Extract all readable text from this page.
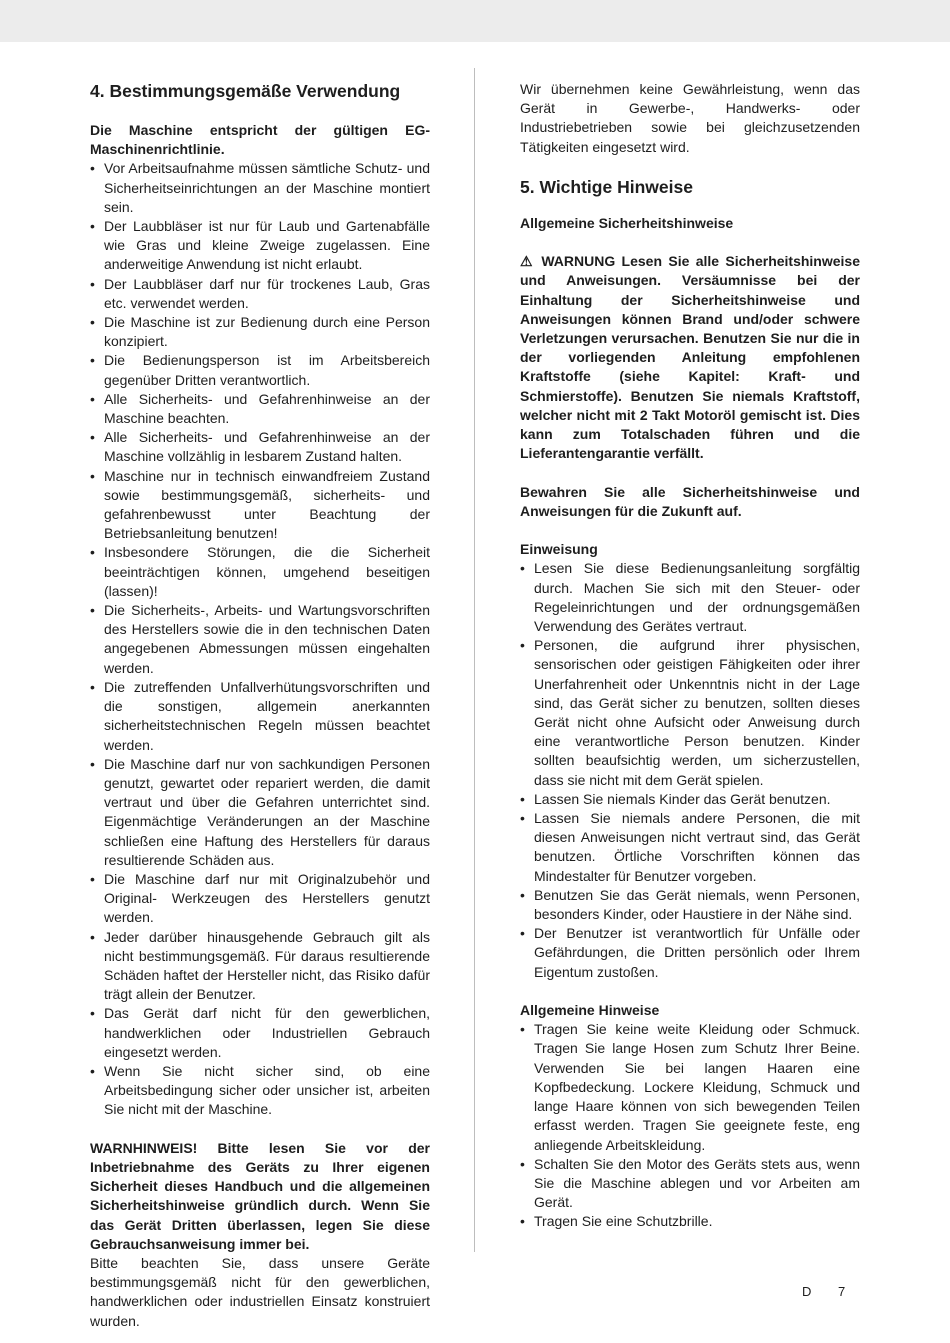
4. Bestimmungsgemäße Verwendung

Die Maschine entspricht der gültigen EG-Maschinenrichtlinie.

• Vor Arbeitsaufnahme müssen sämtliche Schutz- und Sicherheitseinrichtungen an der Maschine montiert sein.
• Der Laubbläser ist nur für Laub und Gartenabfälle wie Gras und kleine Zweige zugelassen. Eine anderweitige Anwendung ist nicht erlaubt.
• Der Laubbläser darf nur für trockenes Laub, Gras etc. verwendet werden.
• Die Maschine ist zur Bedienung durch eine Person konzipiert.
• Die Bedienungsperson ist im Arbeitsbereich gegenüber Dritten verantwortlich.
• Alle Sicherheits- und Gefahrenhinweise an der Maschine beachten.
• Alle Sicherheits- und Gefahrenhinweise an der Maschine vollzählig in lesbarem Zustand halten.
• Maschine nur in technisch einwandfreiem Zustand sowie bestimmungsgemäß, sicherheits- und gefahrenbewusst unter Beachtung der Betriebsanleitung benutzen!
• Insbesondere Störungen, die die Sicherheit beeinträchtigen können, umgehend beseitigen (lassen)!
• Die Sicherheits-, Arbeits- und Wartungsvorschriften des Herstellers sowie die in den technischen Daten angegebenen Abmessungen müssen eingehalten werden.
• Die zutreffenden Unfallverhütungsvorschriften und die sonstigen, allgemein anerkannten sicherheitstechnischen Regeln müssen beachtet werden.
• Die Maschine darf nur von sachkundigen Personen genutzt, gewartet oder repariert werden, die damit vertraut und über die Gefahren unterrichtet sind. Eigenmächtige Veränderungen an der Maschine schließen eine Haftung des Herstellers für daraus resultierende Schäden aus.
• Die Maschine darf nur mit Originalzubehör und Original- Werkzeugen des Herstellers genutzt werden.
• Jeder darüber hinausgehende Gebrauch gilt als nicht bestimmungsgemäß. Für daraus resultierende Schäden haftet der Hersteller nicht, das Risiko dafür trägt allein der Benutzer.
• Das Gerät darf nicht für den gewerblichen, handwerklichen oder Industriellen Gebrauch eingesetzt werden.
• Wenn Sie nicht sicher sind, ob eine Arbeitsbedingung sicher oder unsicher ist, arbeiten Sie nicht mit der Maschine.

WARNHINWEIS! Bitte lesen Sie vor der Inbetriebnahme des Geräts zu Ihrer eigenen Sicherheit dieses Handbuch und die allgemeinen Sicherheitshinweise gründlich durch. Wenn Sie das Gerät Dritten überlassen, legen Sie diese Gebrauchsanweisung immer bei.

Bitte beachten Sie, dass unsere Geräte bestimmungsgemäß nicht für den gewerblichen, handwerklichen oder industriellen Einsatz konstruiert wurden.

Wir übernehmen keine Gewährleistung, wenn das Gerät in Gewerbe-, Handwerks- oder Industriebetrieben sowie bei gleichzusetzenden Tätigkeiten eingesetzt wird.

5. Wichtige Hinweise

Allgemeine Sicherheitshinweise

⚠ WARNUNG Lesen Sie alle Sicherheitshinweise und Anweisungen. Versäumnisse bei der Einhaltung der Sicherheitshinweise und Anweisungen können Brand und/oder schwere Verletzungen verursachen. Benutzen Sie nur die in der vorliegenden Anleitung empfohlenen Kraftstoffe (siehe Kapitel: Kraft- und Schmierstoffe). Benutzen Sie niemals Kraftstoff, welcher nicht mit 2 Takt Motoröl gemischt ist. Dies kann zum Totalschaden führen und die Lieferantengarantie verfällt.

Bewahren Sie alle Sicherheitshinweise und Anweisungen für die Zukunft auf.

Einweisung

• Lesen Sie diese Bedienungsanleitung sorgfältig durch. Machen Sie sich mit den Steuer- oder Regeleinrichtungen und der ordnungsgemäßen Verwendung des Gerätes vertraut.
• Personen, die aufgrund ihrer physischen, sensorischen oder geistigen Fähigkeiten oder ihrer Unerfahrenheit oder Unkenntnis nicht in der Lage sind, das Gerät sicher zu benutzen, sollten dieses Gerät nicht ohne Aufsicht oder Anweisung durch eine verantwortliche Person benutzen. Kinder sollten beaufsichtig werden, um sicherzustellen, dass sie nicht mit dem Gerät spielen.
• Lassen Sie niemals Kinder das Gerät benutzen.
• Lassen Sie niemals andere Personen, die mit diesen Anweisungen nicht vertraut sind, das Gerät benutzen. Örtliche Vorschriften können das Mindestalter für Benutzer vorgeben.
• Benutzen Sie das Gerät niemals, wenn Personen, besonders Kinder, oder Haustiere in der Nähe sind.
• Der Benutzer ist verantwortlich für Unfälle oder Gefährdungen, die Dritten persönlich oder Ihrem Eigentum zustoßen.

Allgemeine Hinweise

• Tragen Sie keine weite Kleidung oder Schmuck. Tragen Sie lange Hosen zum Schutz Ihrer Beine. Verwenden Sie bei langen Haaren eine Kopfbedeckung. Lockere Kleidung, Schmuck und lange Haare können von sich bewegenden Teilen erfasst werden. Tragen Sie geeignete feste, eng anliegende Arbeitskleidung.
• Schalten Sie den Motor des Geräts stets aus, wenn Sie die Maschine ablegen und vor Arbeiten am Gerät.
• Tragen Sie eine Schutzbrille.
D 7
